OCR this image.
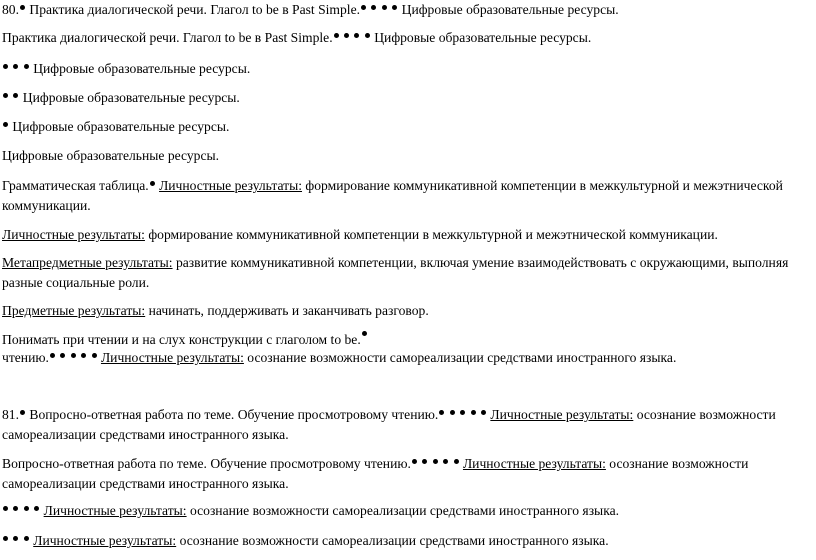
80. Практика диалогической речи. Глагол to be в Past Simple.	Цифровые образовательные ресурсы.
Практика диалогической речи. Глагол to be в Past Simple.	Цифровые образовательные ресурсы.
Цифровые образовательные ресурсы.
Цифровые образовательные ресурсы.
Цифровые образовательные ресурсы.
Цифровые образовательные ресурсы.
Грамматическая таблица. Личностные результаты: формирование коммуникативной компетенции в межкультурной и межэтнической коммуникации.
Личностные результаты: формирование коммуникативной компетенции в межкультурной и межэтнической коммуникации.
Метапредметные результаты: развитие коммуникативной компетенции, включая умение взаимодействовать с окружающими, выполняя разные социальные роли.
Предметные результаты: начинать, поддерживать и заканчивать разговор.
Понимать при чтении и на слух конструкции с глаголом to be.
чтению.	Личностные результаты: осознание возможности самореализации средствами иностранного языка.
81. Вопросно-ответная работа по теме. Обучение просмотровому чтению.	Личностные результаты: осознание возможности самореализации средствами иностранного языка.
Вопросно-ответная работа по теме. Обучение просмотровому чтению.	Личностные результаты: осознание возможности самореализации средствами иностранного языка.
Личностные результаты: осознание возможности самореализации средствами иностранного языка.
Личностные результаты: осознание возможности самореализации средствами иностранного языка.
